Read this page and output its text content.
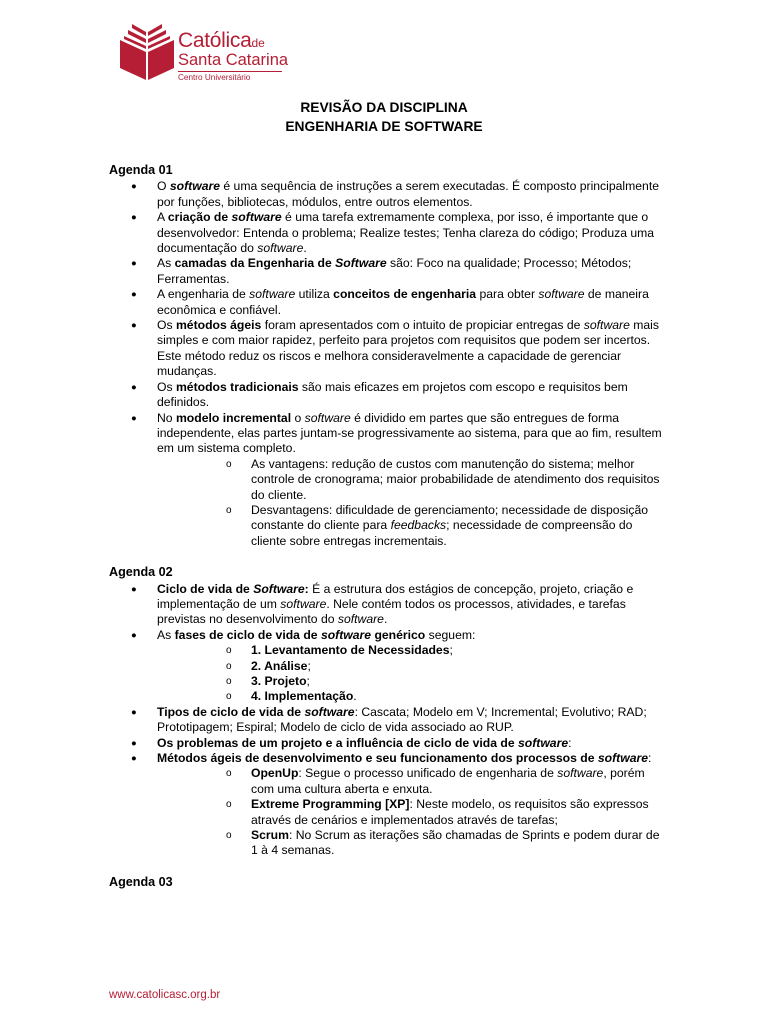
Católicade
Santa Catarina
Centro Universitário
REVISÃO DA DISCIPLINA
ENGENHARIA DE SOFTWARE
Agenda 01
● O software é uma sequência de instruções a serem executadas. É composto principalmente por funções, bibliotecas, módulos, entre outros elementos.
● A criação de software é uma tarefa extremamente complexa, por isso, é importante que o desenvolvedor: Entenda o problema; Realize testes; Tenha clareza do código; Produza uma documentação do software.
● As camadas da Engenharia de Software são: Foco na qualidade; Processo; Métodos; Ferramentas.
● A engenharia de software utiliza conceitos de engenharia para obter software de maneira econômica e confiável.
● Os métodos ágeis foram apresentados com o intuito de propiciar entregas de software mais simples e com maior rapidez, perfeito para projetos com requisitos que podem ser incertos. Este método reduz os riscos e melhora consideravelmente a capacidade de gerenciar mudanças.
● Os métodos tradicionais são mais eficazes em projetos com escopo e requisitos bem definidos.
● No modelo incremental o software é dividido em partes que são entregues de forma independente, elas partes juntam-se progressivamente ao sistema, para que ao fim, resultem em um sistema completo.
o As vantagens: redução de custos com manutenção do sistema; melhor controle de cronograma; maior probabilidade de atendimento dos requisitos do cliente.
o Desvantagens: dificuldade de gerenciamento; necessidade de disposição constante do cliente para feedbacks; necessidade de compreensão do cliente sobre entregas incrementais.
Agenda 02
● Ciclo de vida de Software: É a estrutura dos estágios de concepção, projeto, criação e implementação de um software. Nele contém todos os processos, atividades, e tarefas previstas no desenvolvimento do software.
● As fases de ciclo de vida de software genérico seguem:
o 1. Levantamento de Necessidades;
o 2. Análise;
o 3. Projeto;
o 4. Implementação.
● Tipos de ciclo de vida de software: Cascata; Modelo em V; Incremental; Evolutivo; RAD; Prototipagem; Espiral; Modelo de ciclo de vida associado ao RUP.
● Os problemas de um projeto e a influência de ciclo de vida de software:
● Métodos ágeis de desenvolvimento e seu funcionamento dos processos de software:
o OpenUp: Segue o processo unificado de engenharia de software, porém com uma cultura aberta e enxuta.
o Extreme Programming [XP]: Neste modelo, os requisitos são expressos através de cenários e implementados através de tarefas;
o Scrum: No Scrum as iterações são chamadas de Sprints e podem durar de 1 à 4 semanas.
Agenda 03
www.catolicasc.org.br
